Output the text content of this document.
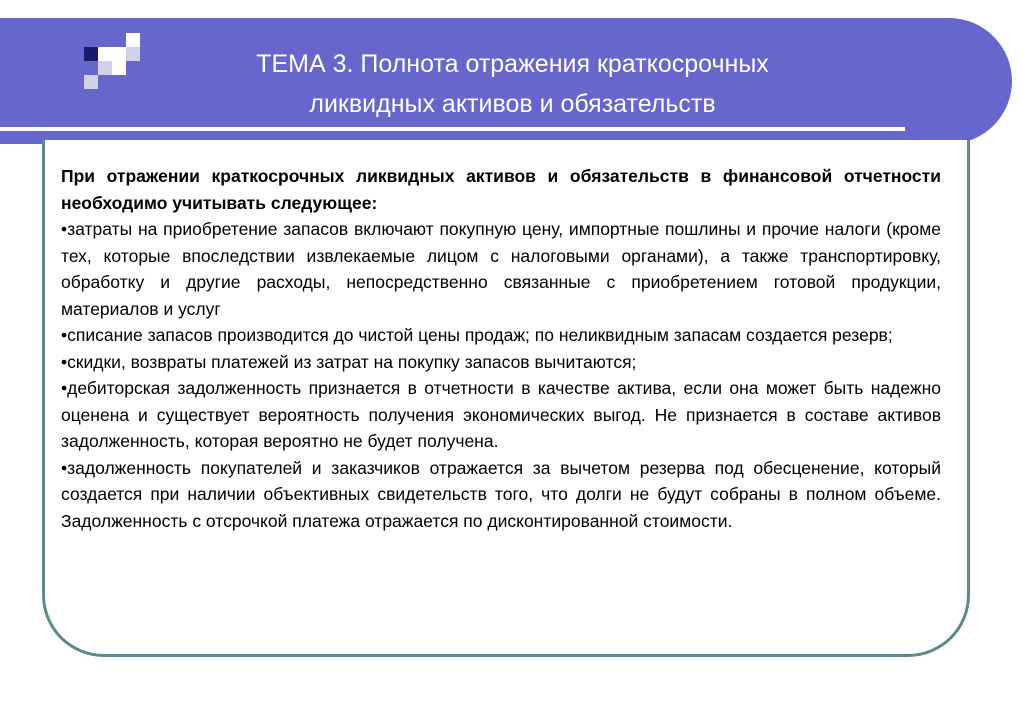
ТЕМА 3. Полнота отражения краткосрочных
ликвидных активов и обязательств

При отражении краткосрочных ликвидных активов и обязательств в финансовой отчетности необходимо учитывать следующее:

•затраты на приобретение запасов включают покупную цену, импортные пошлины и прочие налоги (кроме тех, которые впоследствии извлекаемые лицом с налоговыми органами), а также транспортировку, обработку и другие расходы, непосредственно связанные с приобретением готовой продукции, материалов и услуг

•списание запасов производится до чистой цены продаж; по неликвидным запасам создается резерв;

•скидки, возвраты платежей из затрат на покупку запасов вычитаются;

•дебиторская задолженность признается в отчетности в качестве актива, если она может быть надежно оценена и существует вероятность получения экономических выгод. Не признается в составе активов задолженность, которая вероятно не будет получена.

•задолженность покупателей и заказчиков отражается за вычетом резерва под обесценение, который создается при наличии объективных свидетельств того, что долги не будут собраны в полном объеме. Задолженность с отсрочкой платежа отражается по дисконтированной стоимости.
